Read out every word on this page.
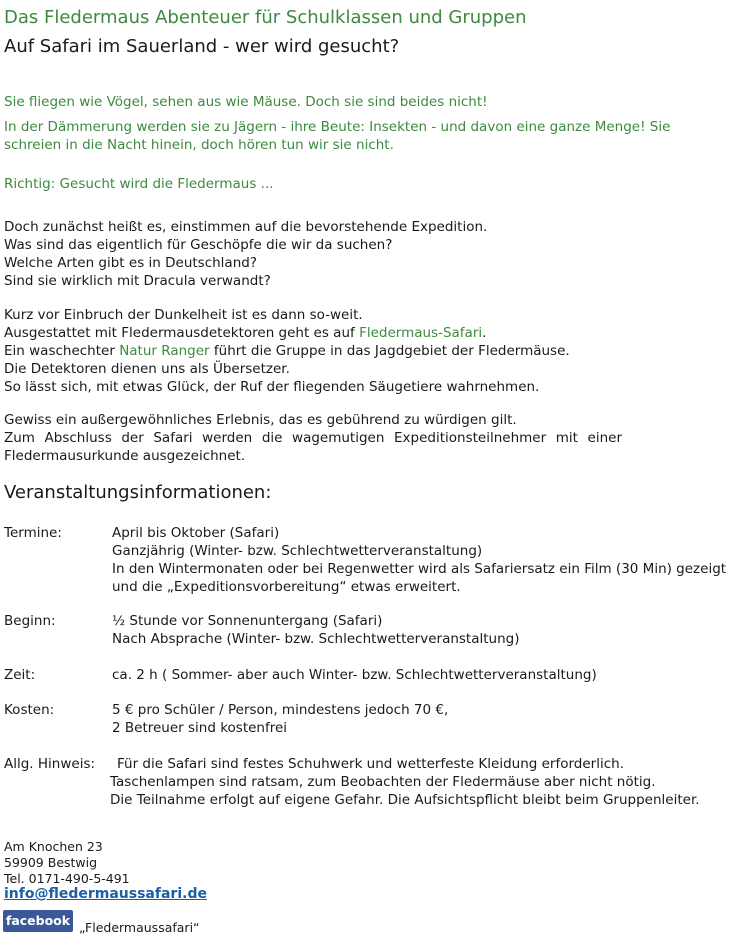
Das Fledermaus Abenteuer für Schulklassen und Gruppen
Auf Safari im Sauerland - wer wird gesucht?
Sie fliegen wie Vögel, sehen aus wie Mäuse. Doch sie sind beides nicht!
In der Dämmerung werden sie zu Jägern - ihre Beute: Insekten - und davon eine ganze Menge! Sie
schreien in die Nacht hinein, doch hören tun wir sie nicht.
Richtig: Gesucht wird die Fledermaus ...
Doch zunächst heißt es, einstimmen auf die bevorstehende Expedition.
Was sind das eigentlich für Geschöpfe die wir da suchen?
Welche Arten gibt es in Deutschland?
Sind sie wirklich mit Dracula verwandt?
Kurz vor Einbruch der Dunkelheit ist es dann so-weit.
Ausgestattet mit Fledermausdetektoren geht es auf Fledermaus-Safari.
Ein waschechter Natur Ranger führt die Gruppe in das Jagdgebiet der Fledermäuse.
Die Detektoren dienen uns als Übersetzer.
So lässt sich, mit etwas Glück, der Ruf der fliegenden Säugetiere wahrnehmen.
Gewiss ein außergewöhnliches Erlebnis, das es gebührend zu würdigen gilt.
Zum Abschluss der Safari werden die wagemutigen Expeditionsteilnehmer mit einer Fledermausurkunde ausgezeichnet.
Veranstaltungsinformationen:
Termine:	April bis Oktober (Safari)
Ganzjährig (Winter- bzw. Schlechtwetterveranstaltung)
In den Wintermonaten oder bei Regenwetter wird als Safariersatz ein Film (30 Min) gezeigt
und die „Expeditionsvorbereitung“ etwas erweitert.
Beginn:	½ Stunde vor Sonnenuntergang (Safari)
Nach Absprache (Winter- bzw. Schlechtwetterveranstaltung)
Zeit:	ca. 2 h ( Sommer- aber auch Winter- bzw. Schlechtwetterveranstaltung)
Kosten:	5 € pro Schüler / Person, mindestens jedoch 70 €,
2 Betreuer sind kostenfrei
Allg. Hinweis: Für die Safari sind festes Schuhwerk und wetterfeste Kleidung erforderlich.
Taschenlampen sind ratsam, zum Beobachten der Fledermäuse aber nicht nötig.
Die Teilnahme erfolgt auf eigene Gefahr. Die Aufsichtspflicht bleibt beim Gruppenleiter.
Am Knochen 23
59909 Bestwig
Tel. 0171-490-5-491
info@fledermaussafari.de
facebook „Fledermaussafari“
